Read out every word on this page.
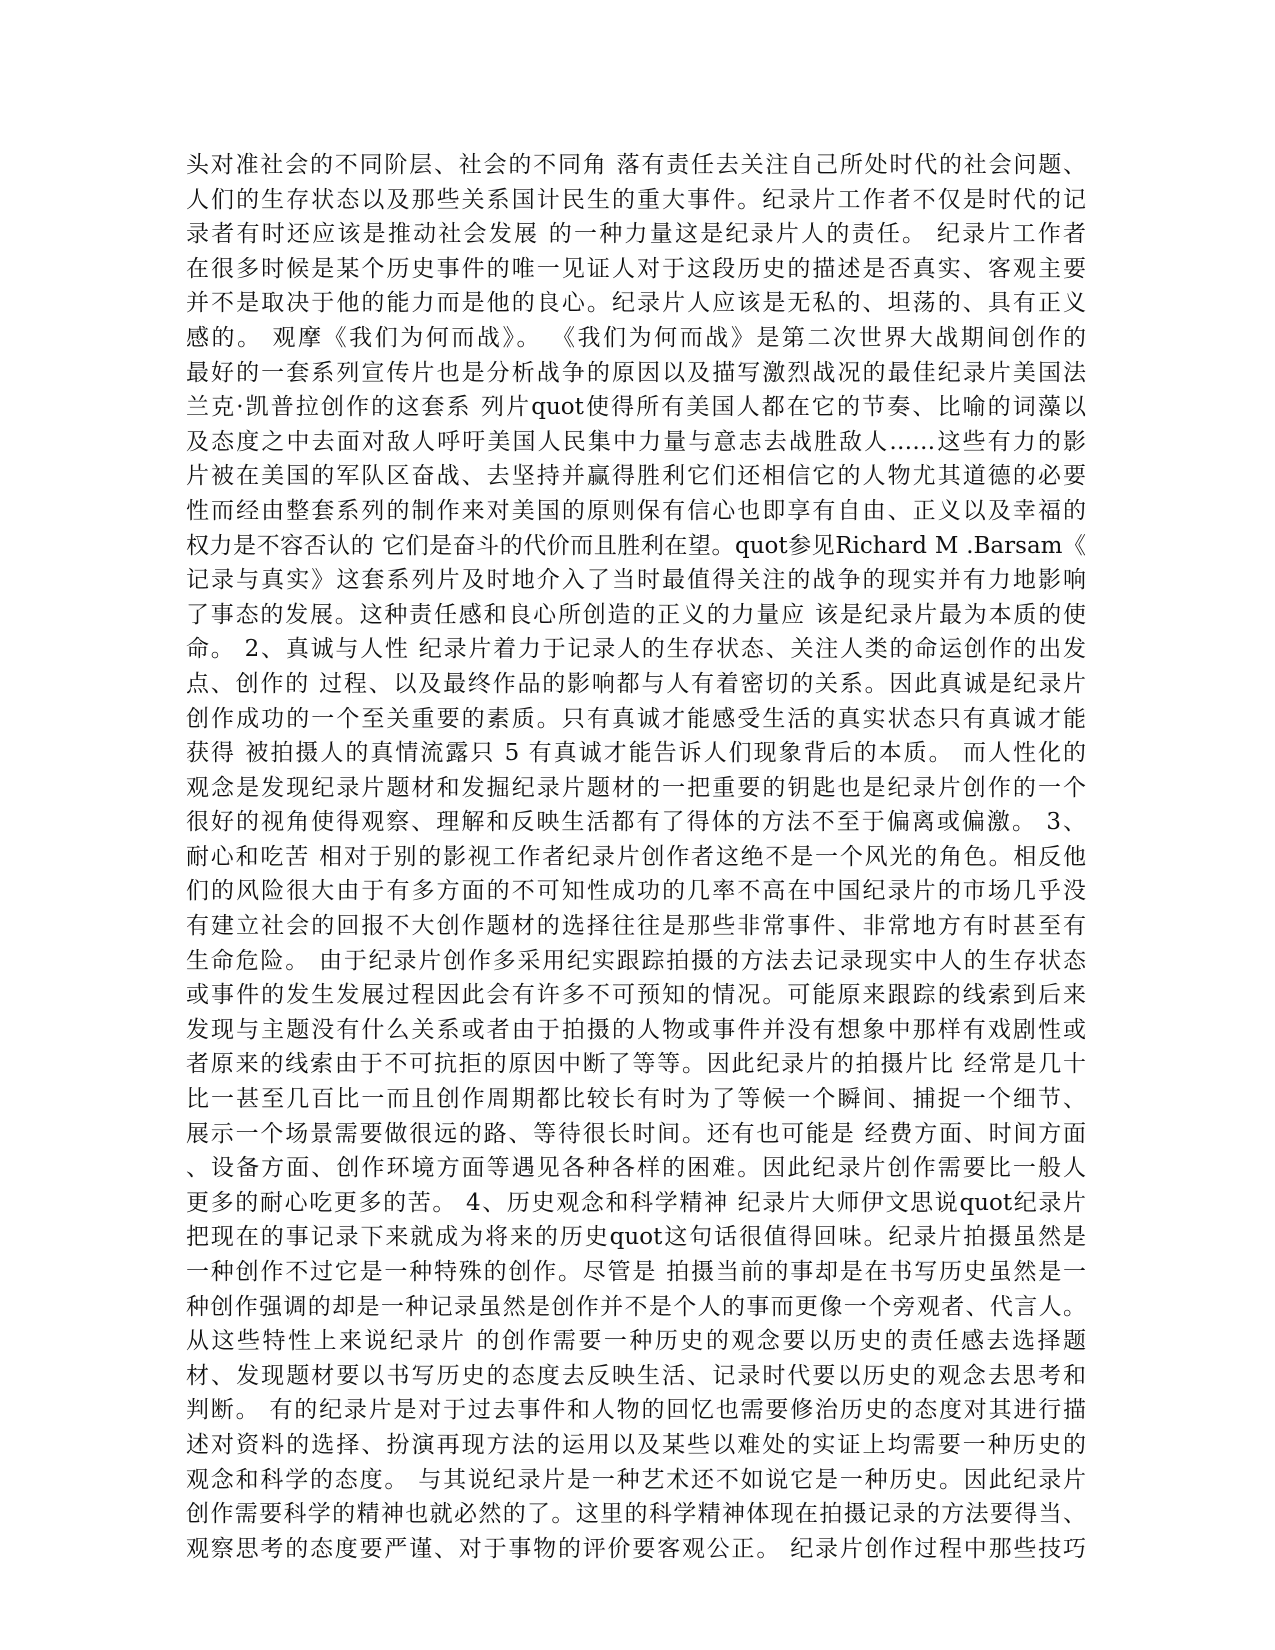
头对准社会的不同阶层、社会的不同角 落有责任去关注自己所处时代的社会问题、
人们的生存状态以及那些关系国计民生的重大事件。纪录片工作者不仅是时代的记
录者有时还应该是推动社会发展 的一种力量这是纪录片人的责任。 纪录片工作者
在很多时候是某个历史事件的唯一见证人对于这段历史的描述是否真实、客观主要
并不是取决于他的能力而是他的良心。纪录片人应该是无私的、坦荡的、具有正义
感的。 观摩《我们为何而战》。 《我们为何而战》是第二次世界大战期间创作的
最好的一套系列宣传片也是分析战争的原因以及描写激烈战况的最佳纪录片美国法
兰克·凯普拉创作的这套系 列片quot使得所有美国人都在它的节奏、比喻的词藻以
及态度之中去面对敌人呼吁美国人民集中力量与意志去战胜敌人……这些有力的影
片被在美国的军队区奋战、去坚持并赢得胜利它们还相信它的人物尤其道德的必要
性而经由整套系列的制作来对美国的原则保有信心也即享有自由、正义以及幸福的
权力是不容否认的 它们是奋斗的代价而且胜利在望。quot参见Richard M .Barsam《
记录与真实》这套系列片及时地介入了当时最值得关注的战争的现实并有力地影响
了事态的发展。这种责任感和良心所创造的正义的力量应 该是纪录片最为本质的使
命。 2、真诚与人性 纪录片着力于记录人的生存状态、关注人类的命运创作的出发
点、创作的 过程、以及最终作品的影响都与人有着密切的关系。因此真诚是纪录片
创作成功的一个至关重要的素质。只有真诚才能感受生活的真实状态只有真诚才能
获得 被拍摄人的真情流露只 5 有真诚才能告诉人们现象背后的本质。 而人性化的
观念是发现纪录片题材和发掘纪录片题材的一把重要的钥匙也是纪录片创作的一个
很好的视角使得观察、理解和反映生活都有了得体的方法不至于偏离或偏激。 3、
耐心和吃苦 相对于别的影视工作者纪录片创作者这绝不是一个风光的角色。相反他
们的风险很大由于有多方面的不可知性成功的几率不高在中国纪录片的市场几乎没
有建立社会的回报不大创作题材的选择往往是那些非常事件、非常地方有时甚至有
生命危险。 由于纪录片创作多采用纪实跟踪拍摄的方法去记录现实中人的生存状态
或事件的发生发展过程因此会有许多不可预知的情况。可能原来跟踪的线索到后来
发现与主题没有什么关系或者由于拍摄的人物或事件并没有想象中那样有戏剧性或
者原来的线索由于不可抗拒的原因中断了等等。因此纪录片的拍摄片比 经常是几十
比一甚至几百比一而且创作周期都比较长有时为了等候一个瞬间、捕捉一个细节、
展示一个场景需要做很远的路、等待很长时间。还有也可能是 经费方面、时间方面
、设备方面、创作环境方面等遇见各种各样的困难。因此纪录片创作需要比一般人
更多的耐心吃更多的苦。 4、历史观念和科学精神 纪录片大师伊文思说quot纪录片
把现在的事记录下来就成为将来的历史quot这句话很值得回味。纪录片拍摄虽然是
一种创作不过它是一种特殊的创作。尽管是 拍摄当前的事却是在书写历史虽然是一
种创作强调的却是一种记录虽然是创作并不是个人的事而更像一个旁观者、代言人。
从这些特性上来说纪录片 的创作需要一种历史的观念要以历史的责任感去选择题
材、发现题材要以书写历史的态度去反映生活、记录时代要以历史的观念去思考和
判断。 有的纪录片是对于过去事件和人物的回忆也需要修治历史的态度对其进行描
述对资料的选择、扮演再现方法的运用以及某些以难处的实证上均需要一种历史的
观念和科学的态度。 与其说纪录片是一种艺术还不如说它是一种历史。因此纪录片
创作需要科学的精神也就必然的了。这里的科学精神体现在拍摄记录的方法要得当、
观察思考的态度要严谨、对于事物的评价要客观公正。 纪录片创作过程中那些技巧
